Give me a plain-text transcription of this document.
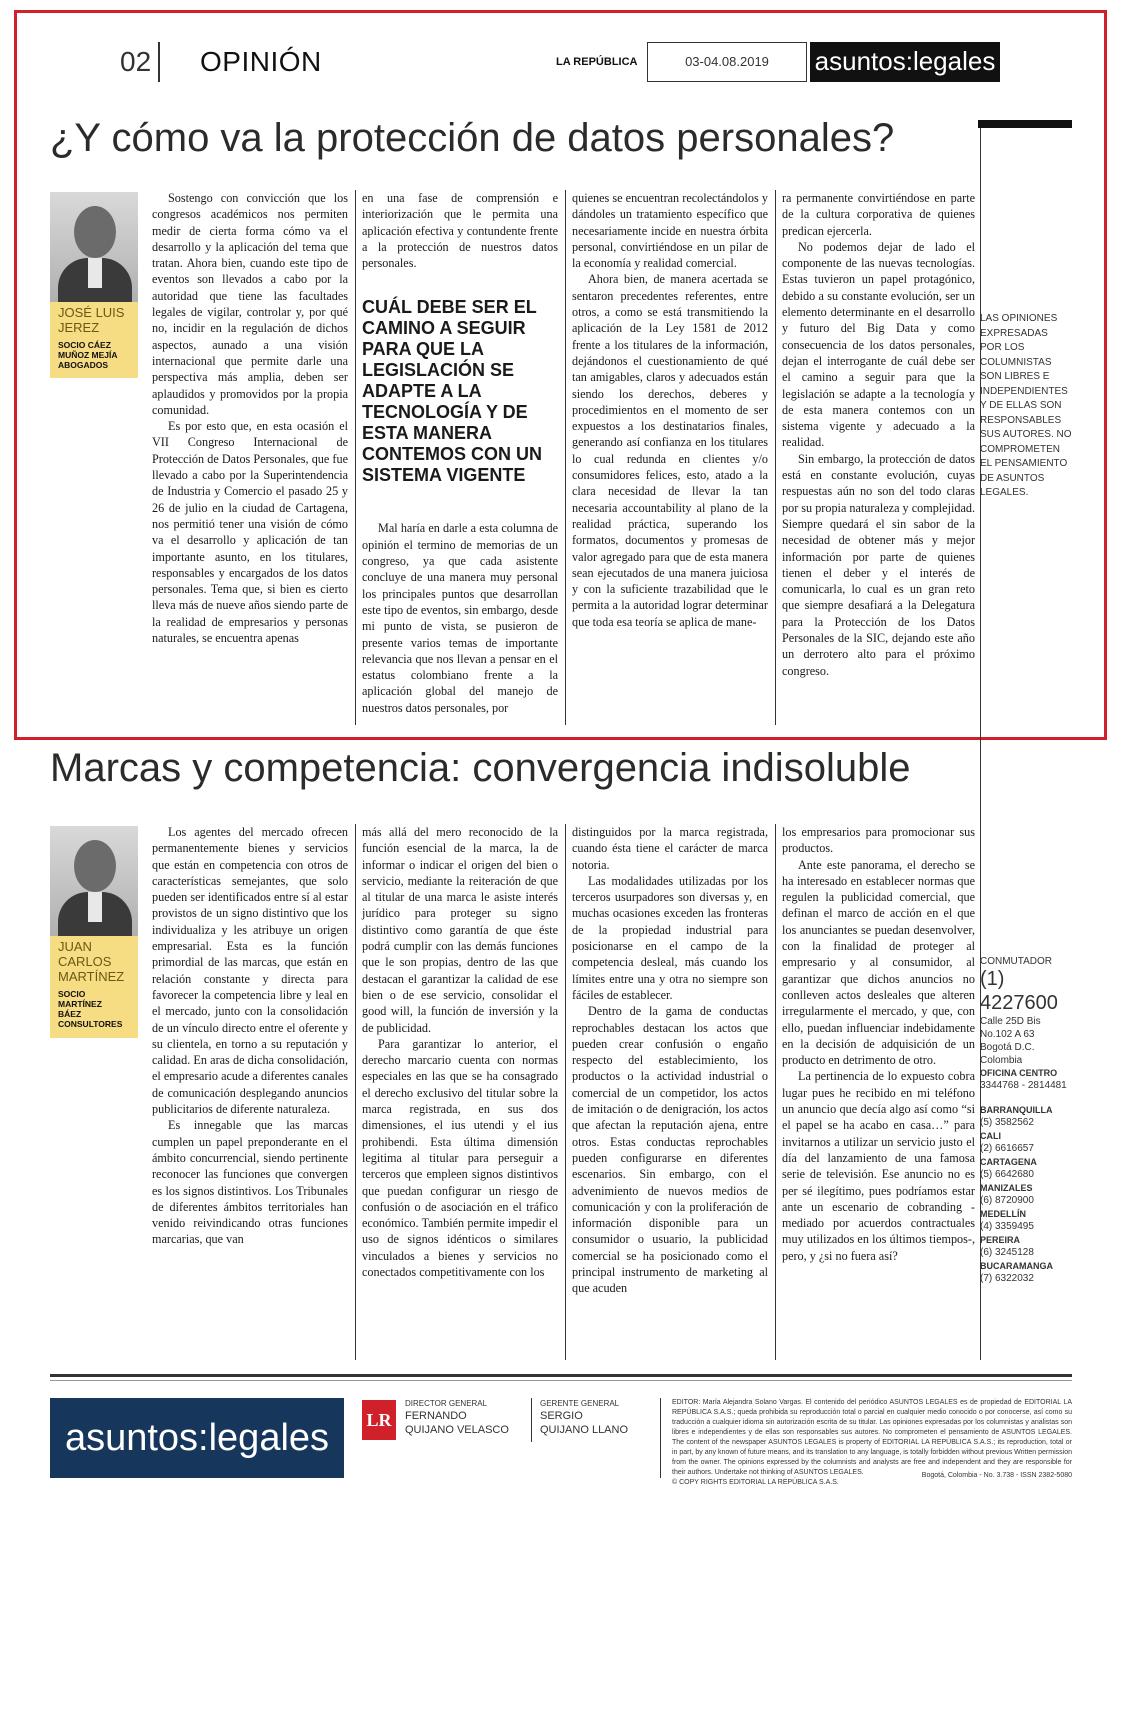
02 OPINIÓN	LA REPÚBLICA	03-04.08.2019	asuntos:legales
¿Y cómo va la protección de datos personales?
JOSÉ LUIS
JEREZ
SOCIO CÁEZ
MUÑOZ MEJÍA
ABOGADOS

Sostengo con convicción que los congresos académicos nos permiten medir de cierta forma cómo va el desarrollo y la aplicación del tema que tratan. Ahora bien, cuando este tipo de eventos son llevados a cabo por la autoridad que tiene las facultades legales de vigilar, controlar y, por qué no, incidir en la regulación de dichos aspectos, aunado a una visión internacional que permite darle una perspectiva más amplia, deben ser aplaudidos y promovidos por la propia comunidad.

Es por esto que, en esta ocasión el VII Congreso Internacional de Protección de Datos Personales, que fue llevado a cabo por la Superintendencia de Industria y Comercio el pasado 25 y 26 de julio en la ciudad de Cartagena, nos permitió tener una visión de cómo va el desarrollo y aplicación de tan importante asunto, en los titulares, responsables y encargados de los datos personales. Tema que, si bien es cierto lleva más de nueve años siendo parte de la realidad de empresarios y personas naturales, se encuentra apenas

en una fase de comprensión e interiorización que le permita una aplicación efectiva y contundente frente a la protección de nuestros datos personales.

CUÁL DEBE SER EL CAMINO A SEGUIR PARA QUE LA LEGISLACIÓN SE ADAPTE A LA TECNOLOGÍA Y DE ESTA MANERA CONTEMOS CON UN SISTEMA VIGENTE

Mal haría en darle a esta columna de opinión el termino de memorias de un congreso, ya que cada asistente concluye de una manera muy personal los principales puntos que desarrollan este tipo de eventos, sin embargo, desde mi punto de vista, se pusieron de presente varios temas de importante relevancia que nos llevan a pensar en el estatus colombiano frente a la aplicación global del manejo de nuestros datos personales, por

quienes se encuentran recolectándolos y dándoles un tratamiento específico que necesariamente incide en nuestra órbita personal, convirtiéndose en un pilar de la economía y realidad comercial.

Ahora bien, de manera acertada se sentaron precedentes referentes, entre otros, a como se está transmitiendo la aplicación de la Ley 1581 de 2012 frente a los titulares de la información, dejándonos el cuestionamiento de qué tan amigables, claros y adecuados están siendo los derechos, deberes y procedimientos en el momento de ser expuestos a los destinatarios finales, generando así confianza en los titulares lo cual redunda en clientes y/o consumidores felices, esto, atado a la clara necesidad de llevar la tan necesaria accountability al plano de la realidad práctica, superando los formatos, documentos y promesas de valor agregado para que de esta manera sean ejecutados de una manera juiciosa y con la suficiente trazabilidad que le permita a la autoridad lograr determinar que toda esa teoría se aplica de mane-

ra permanente convirtiéndose en parte de la cultura corporativa de quienes predican ejercerla.

No podemos dejar de lado el componente de las nuevas tecnologías. Estas tuvieron un papel protagónico, debido a su constante evolución, ser un elemento determinante en el desarrollo y futuro del Big Data y como consecuencia de los datos personales, dejan el interrogante de cuál debe ser el camino a seguir para que la legislación se adapte a la tecnología y de esta manera contemos con un sistema vigente y adecuado a la realidad.

Sin embargo, la protección de datos está en constante evolución, cuyas respuestas aún no son del todo claras por su propia naturaleza y complejidad. Siempre quedará el sin sabor de la necesidad de obtener más y mejor información por parte de quienes tienen el deber y el interés de comunicarla, lo cual es un gran reto que siempre desafiará a la Delegatura para la Protección de los Datos Personales de la SIC, dejando este año un derrotero alto para el próximo congreso.

LAS OPINIONES EXPRESADAS POR LOS COLUMNISTAS SON LIBRES E INDEPENDIENTES Y DE ELLAS SON RESPONSABLES SUS AUTORES. NO COMPROMETEN EL PENSAMIENTO DE ASUNTOS LEGALES.
Marcas y competencia: convergencia indisoluble
JUAN CARLOS
MARTÍNEZ
SOCIO MARTÍNEZ
BÁEZ
CONSULTORES

Los agentes del mercado ofrecen permanentemente bienes y servicios que están en competencia con otros de características semejantes, que solo pueden ser identificados entre sí al estar provistos de un signo distintivo que los individualiza y les atribuye un origen empresarial. Esta es la función primordial de las marcas, que están en relación constante y directa para favorecer la competencia libre y leal en el mercado, junto con la consolidación de un vínculo directo entre el oferente y su clientela, en torno a su reputación y calidad. En aras de dicha consolidación, el empresario acude a diferentes canales de comunicación desplegando anuncios publicitarios de diferente naturaleza.

Es innegable que las marcas cumplen un papel preponderante en el ámbito concurrencial, siendo pertinente reconocer las funciones que convergen es los signos distintivos. Los Tribunales de diferentes ámbitos territoriales han venido reivindicando otras funciones marcarias, que van

más allá del mero reconocido de la función esencial de la marca, la de informar o indicar el origen del bien o servicio, mediante la reiteración de que al titular de una marca le asiste interés jurídico para proteger su signo distintivo como garantía de que éste podrá cumplir con las demás funciones que le son propias, dentro de las que destacan el garantizar la calidad de ese bien o de ese servicio, consolidar el good will, la función de inversión y la de publicidad.

Para garantizar lo anterior, el derecho marcario cuenta con normas especiales en las que se ha consagrado el derecho exclusivo del titular sobre la marca registrada, en sus dos dimensiones, el ius utendi y el ius prohibendi. Esta última dimensión legitima al titular para perseguir a terceros que empleen signos distintivos que puedan configurar un riesgo de confusión o de asociación en el tráfico económico. También permite impedir el uso de signos idénticos o similares vinculados a bienes y servicios no conectados competitivamente con los

distinguidos por la marca registrada, cuando ésta tiene el carácter de marca notoria.

Las modalidades utilizadas por los terceros usurpadores son diversas y, en muchas ocasiones exceden las fronteras de la propiedad industrial para posicionarse en el campo de la competencia desleal, más cuando los límites entre una y otra no siempre son fáciles de establecer.

Dentro de la gama de conductas reprochables destacan los actos que pueden crear confusión o engaño respecto del establecimiento, los productos o la actividad industrial o comercial de un competidor, los actos de imitación o de denigración, los actos que afectan la reputación ajena, entre otros. Estas conductas reprochables pueden configurarse en diferentes escenarios. Sin embargo, con el advenimiento de nuevos medios de comunicación y con la proliferación de información disponible para un consumidor o usuario, la publicidad comercial se ha posicionado como el principal instrumento de marketing al que acuden

los empresarios para promocionar sus productos.

Ante este panorama, el derecho se ha interesado en establecer normas que regulen la publicidad comercial, que definan el marco de acción en el que los anunciantes se puedan desenvolver, con la finalidad de proteger al empresario y al consumidor, al garantizar que dichos anuncios no conlleven actos desleales que alteren irregularmente el mercado, y que, con ello, puedan influenciar indebidamente en la decisión de adquisición de un producto en detrimento de otro.

La pertinencia de lo expuesto cobra lugar pues he recibido en mi teléfono un anuncio que decía algo así como “si el papel se ha acabo en casa…” para invitarnos a utilizar un servicio justo el día del lanzamiento de una famosa serie de televisión. Ese anuncio no es per sé ilegítimo, pues podríamos estar ante un escenario de cobranding -mediado por acuerdos contractuales muy utilizados en los últimos tiempos-, pero, y ¿si no fuera así?

CONMUTADOR
(1) 4227600
Calle 25D Bis
No.102 A 63
Bogotá D.C.
Colombia
OFICINA CENTRO
3344768 - 2814481
BARRANQUILLA
(5) 3582562
CALI
(2) 6616657
CARTAGENA
(5) 6642680
MANIZALES
(6) 8720900
MEDELLÍN
(4) 3359495
PEREIRA
(6) 3245128
BUCARAMANGA
(7) 6322032
asuntos:legales	LR
DIRECTOR GENERAL
FERNANDO
QUIJANO VELASCO
GERENTE GENERAL
SERGIO
QUIJANO LLANO
EDITOR: María Alejandra Solano Vargas. El contenido del periódico ASUNTOS LEGALES es de propiedad de EDITORIAL LA REPÚBLICA S.A.S.; queda prohibida su reproducción total o parcial en cualquier medio conocido o por conocerse, así como su traducción a cualquier idioma sin autorización escrita de su titular. Las opiniones expresadas por los columnistas y analistas son libres e independientes y de ellas son responsables sus autores. No comprometen el pensamiento de ASUNTOS LEGALES. The content of the newspaper ASUNTOS LEGALES is property of EDITORIAL LA REPÚBLICA S.A.S.; its reproduction, total or in part, by any known of future means, and its translation to any language, is totally forbidden without previous Written permission from the owner. The opinions expressed by the columnists and analysts are free and independent and they are responsible for their authors. Undertake not thinking of ASUNTOS LEGALES.
© COPY RIGHTS EDITORIAL LA REPÚBLICA S.A.S.
Bogotá, Colombia - No. 3.738 - ISSN 2382-5080
